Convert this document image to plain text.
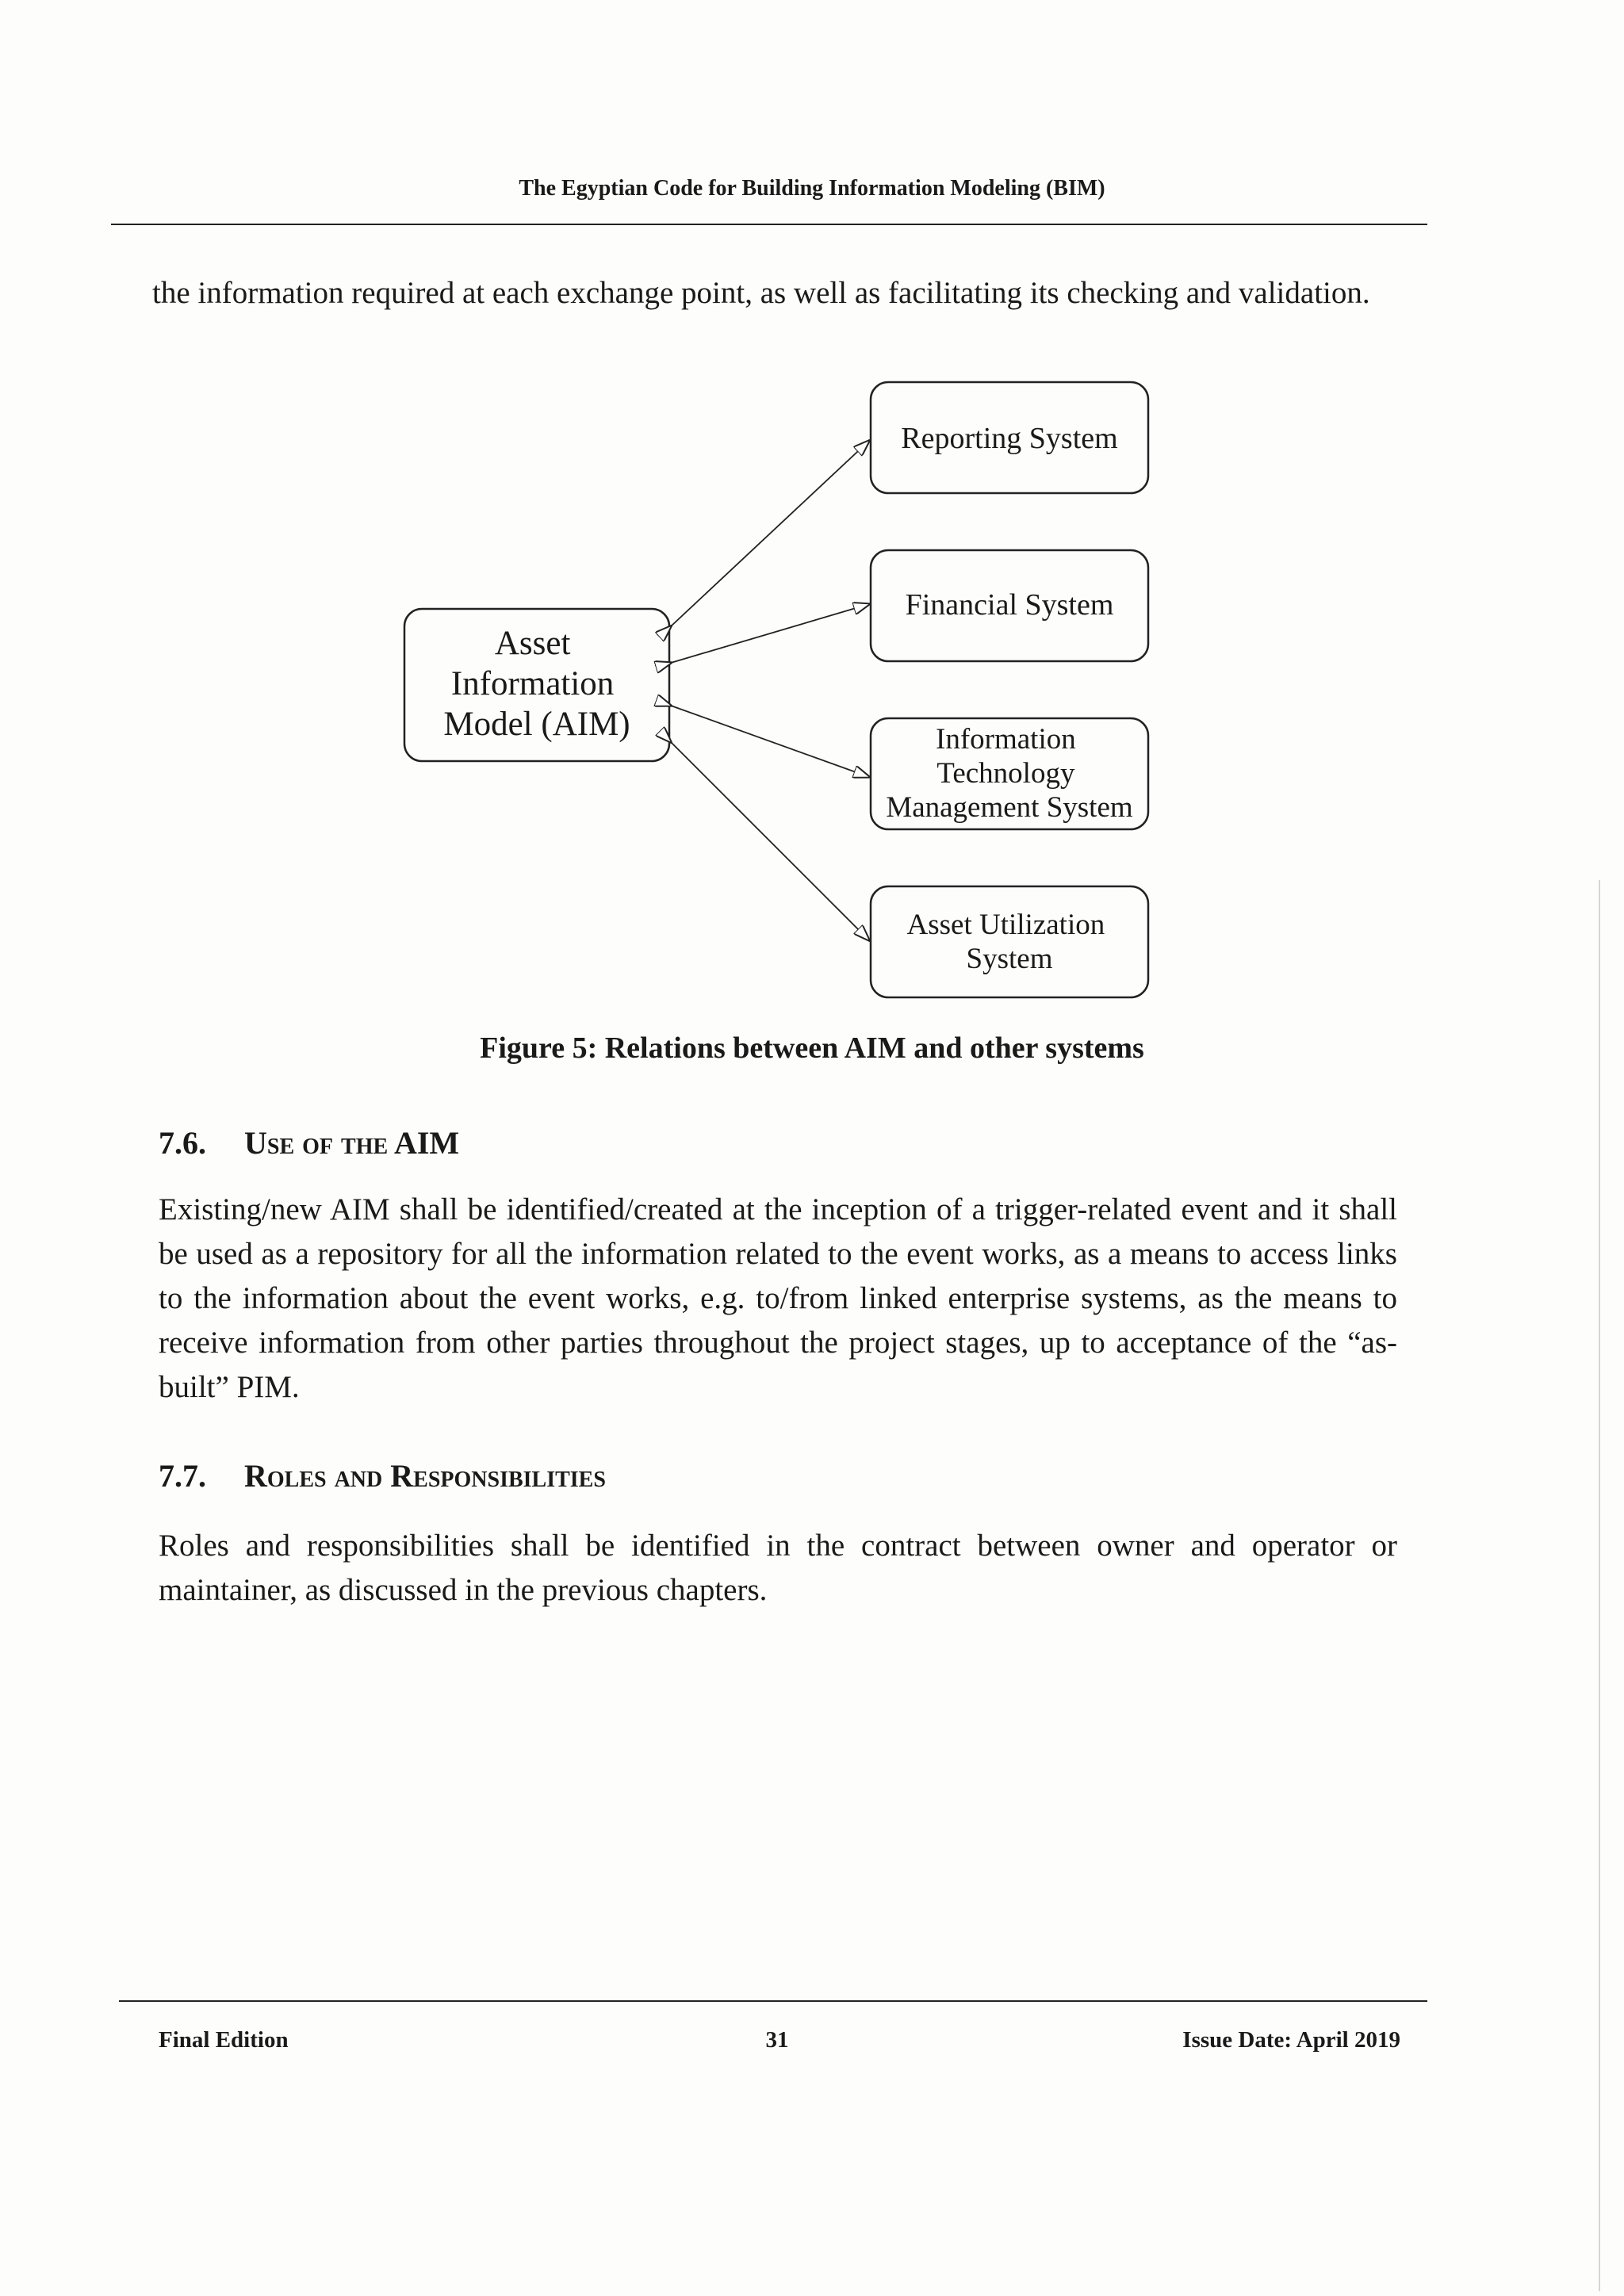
The Egyptian Code for Building Information Modeling (BIM)
the information required at each exchange point, as well as facilitating its checking and validation.
Asset Information Model (AIM)
Reporting System
Financial System
Information Technology Management System
Asset Utilization System
Figure 5: Relations between AIM and other systems
7.6. Use of the AIM
Existing/new AIM shall be identified/created at the inception of a trigger-related event and it shall be used as a repository for all the information related to the event works, as a means to access links to the information about the event works, e.g. to/from linked enterprise systems, as the means to receive information from other parties throughout the project stages, up to acceptance of the “as-built” PIM.
7.7. Roles and Responsibilities
Roles and responsibilities shall be identified in the contract between owner and operator or maintainer, as discussed in the previous chapters.
Final Edition	31	Issue Date: April 2019
